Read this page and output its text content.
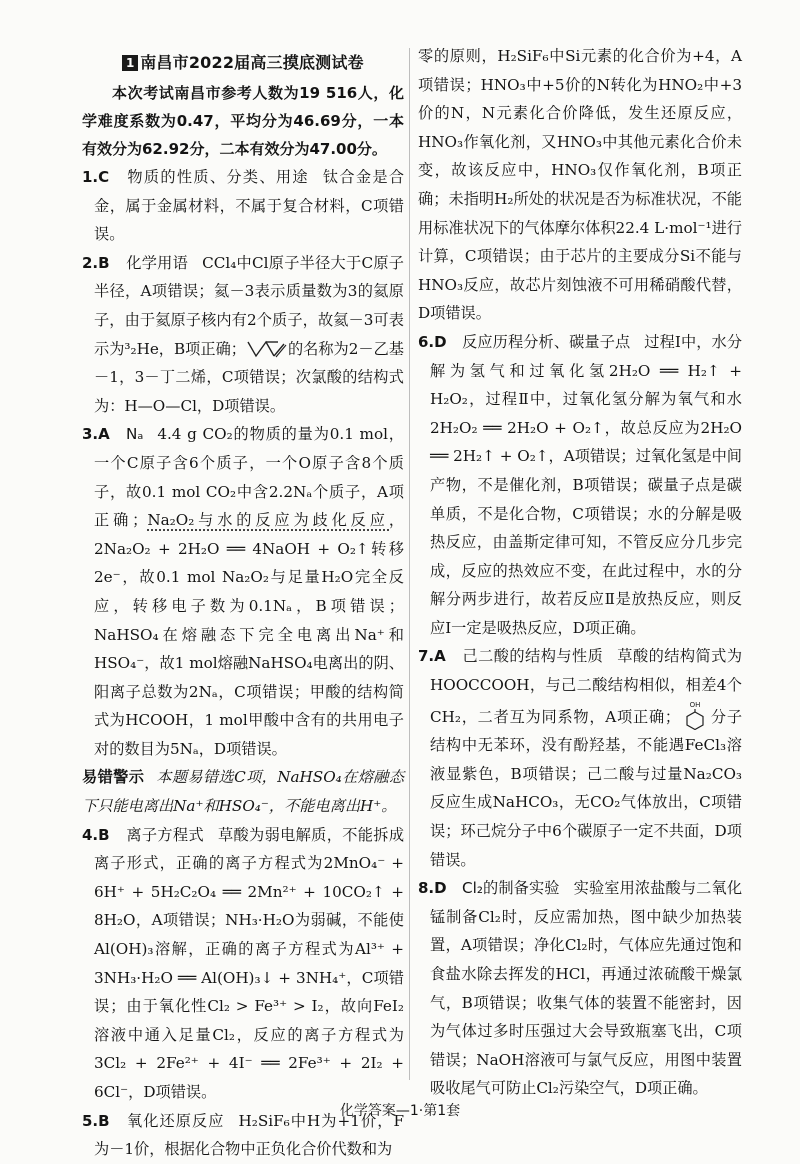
1 南昌市2022届高三摸底测试卷

本次考试南昌市参考人数为19 516人，化学难度系数为0.47，平均分为46.69分，一本有效分为62.92分，二本有效分为47.00分。

1.C 物质的性质、分类、用途 钛合金是合金，属于金属材料，不属于复合材料，C项错误。

2.B 化学用语 CCl₄中Cl原子半径大于C原子半径，A项错误；氦－3表示质量数为3的氦原子，由于氦原子核内有2个质子，故氦－3可表示为³₂He，B项正确；	的名称为2－乙基－1，3－丁二烯，C项错误；次氯酸的结构式为：H—O—Cl，D项错误。

3.A Nₐ 4.4 g CO₂的物质的量为0.1 mol，一个C原子含6个质子，一个O原子含8个质子，故0.1 mol CO₂中含2.2Nₐ个质子，A项正确；Na₂O₂与水的反应为歧化反应，2Na₂O₂ + 2H₂O ══ 4NaOH + O₂↑转移2e⁻，故0.1 mol Na₂O₂与足量H₂O完全反应，转移电子数为0.1Nₐ，B项错误；NaHSO₄在熔融态下完全电离出Na⁺和HSO₄⁻，故1 mol熔融NaHSO₄电离出的阴、阳离子总数为2Nₐ，C项错误；甲酸的结构简式为HCOOH，1 mol甲酸中含有的共用电子对的数目为5Nₐ，D项错误。

易错警示 本题易错选C项，NaHSO₄在熔融态下只能电离出Na⁺和HSO₄⁻，不能电离出H⁺。

4.B 离子方程式 草酸为弱电解质，不能拆成离子形式，正确的离子方程式为2MnO₄⁻ + 6H⁺ + 5H₂C₂O₄ ══ 2Mn²⁺ + 10CO₂↑ + 8H₂O，A项错误；NH₃·H₂O为弱碱，不能使Al(OH)₃溶解，正确的离子方程式为Al³⁺ + 3NH₃·H₂O ══ Al(OH)₃↓ + 3NH₄⁺，C项错误；由于氧化性Cl₂ > Fe³⁺ > I₂，故向FeI₂溶液中通入足量Cl₂，反应的离子方程式为3Cl₂ + 2Fe²⁺ + 4I⁻ ══ 2Fe³⁺ + 2I₂ + 6Cl⁻，D项错误。

5.B 氧化还原反应 H₂SiF₆中H为+1价，F为－1价，根据化合物中正负化合价代数和为

零的原则，H₂SiF₆中Si元素的化合价为+4，A项错误；HNO₃中+5价的N转化为HNO₂中+3价的N，N元素化合价降低，发生还原反应，HNO₃作氧化剂，又HNO₃中其他元素化合价未变，故该反应中，HNO₃仅作氧化剂，B项正确；未指明H₂所处的状况是否为标准状况，不能用标准状况下的气体摩尔体积22.4 L·mol⁻¹进行计算，C项错误；由于芯片的主要成分Si不能与HNO₃反应，故芯片刻蚀液不可用稀硝酸代替，D项错误。

6.D 反应历程分析、碳量子点 过程Ⅰ中，水分解为氢气和过氧化氢2H₂O ══ H₂↑ + H₂O₂，过程Ⅱ中，过氧化氢分解为氧气和水2H₂O₂ ══ 2H₂O + O₂↑，故总反应为2H₂O ══ 2H₂↑ + O₂↑，A项错误；过氧化氢是中间产物，不是催化剂，B项错误；碳量子点是碳单质，不是化合物，C项错误；水的分解是吸热反应，由盖斯定律可知，不管反应分几步完成，反应的热效应不变，在此过程中，水的分解分两步进行，故若反应Ⅱ是放热反应，则反应Ⅰ一定是吸热反应，D项正确。

7.A 己二酸的结构与性质 草酸的结构简式为HOOCCOOH，与己二酸结构相似，相差4个CH₂，二者互为同系物，A项正确；
OH
分子结构中无苯环，没有酚羟基，不能遇FeCl₃溶液显紫色，B项错误；己二酸与过量Na₂CO₃反应生成NaHCO₃，无CO₂气体放出，C项错误；环己烷分子中6个碳原子一定不共面，D项错误。

8.D Cl₂的制备实验 实验室用浓盐酸与二氧化锰制备Cl₂时，反应需加热，图中缺少加热装置，A项错误；净化Cl₂时，气体应先通过饱和食盐水除去挥发的HCl，再通过浓硫酸干燥氯气，B项错误；收集气体的装置不能密封，因为气体过多时压强过大会导致瓶塞飞出，C项错误；NaOH溶液可与氯气反应，用图中装置吸收尾气可防止Cl₂污染空气，D项正确。

化学答案—1·第1套
